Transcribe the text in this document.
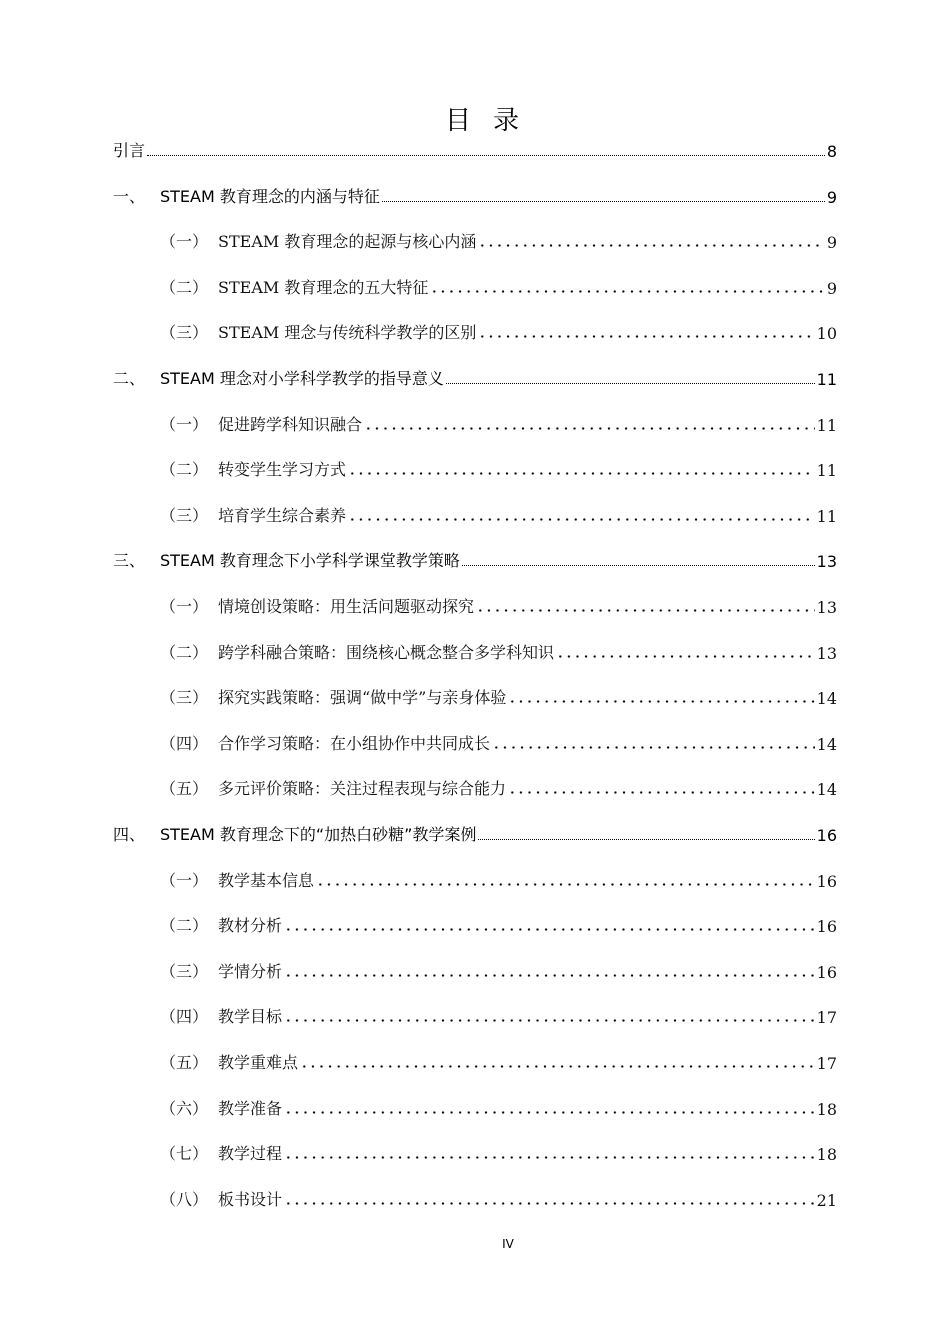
目录
引言	8
一、 STEAM 教育理念的内涵与特征	9
（一） STEAM 教育理念的起源与核心内涵	9
（二） STEAM 教育理念的五大特征	9
（三） STEAM 理念与传统科学教学的区别	10
二、 STEAM 理念对小学科学教学的指导意义	11
（一） 促进跨学科知识融合	11
（二） 转变学生学习方式	11
（三） 培育学生综合素养	11
三、 STEAM 教育理念下小学科学课堂教学策略	13
（一） 情境创设策略：用生活问题驱动探究	13
（二） 跨学科融合策略：围绕核心概念整合多学科知识	13
（三） 探究实践策略：强调“做中学”与亲身体验	14
（四） 合作学习策略：在小组协作中共同成长	14
（五） 多元评价策略：关注过程表现与综合能力	14
四、 STEAM 教育理念下的“加热白砂糖”教学案例	16
（一） 教学基本信息	16
（二） 教材分析	16
（三） 学情分析	16
（四） 教学目标	17
（五） 教学重难点	17
（六） 教学准备	18
（七） 教学过程	18
（八） 板书设计	21
IV
